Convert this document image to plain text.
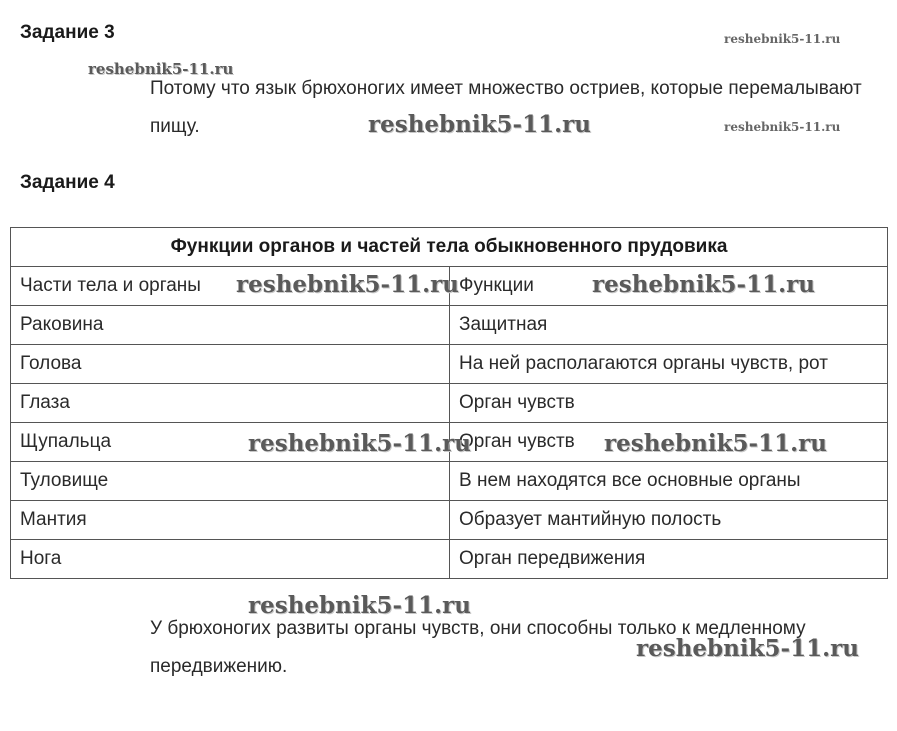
Задание 3
Потому что язык брюхоногих имеет множество остриев, которые перемалывают пищу.
Задание 4
Функции органов и частей тела обыкновенного прудовика	
Части тела и органы	Функции
Раковина	Защитная
Голова	На ней располагаются органы чувств, рот
Глаза	Орган чувств
Щупальца	Орган чувств
Туловище	В нем находятся все основные органы
Мантия	Образует мантийную полость
Нога	Орган передвижения
У брюхоногих развиты органы чувств, они способны только к медленному передвижению.
reshebnik5-11.ru
reshebnik5-11.ru
reshebnik5-11.ru	reshebnik5-11.ru
reshebnik5-11.ru	reshebnik5-11.ru
reshebnik5-11.ru	reshebnik5-11.ru
reshebnik5-11.ru
reshebnik5-11.ru
